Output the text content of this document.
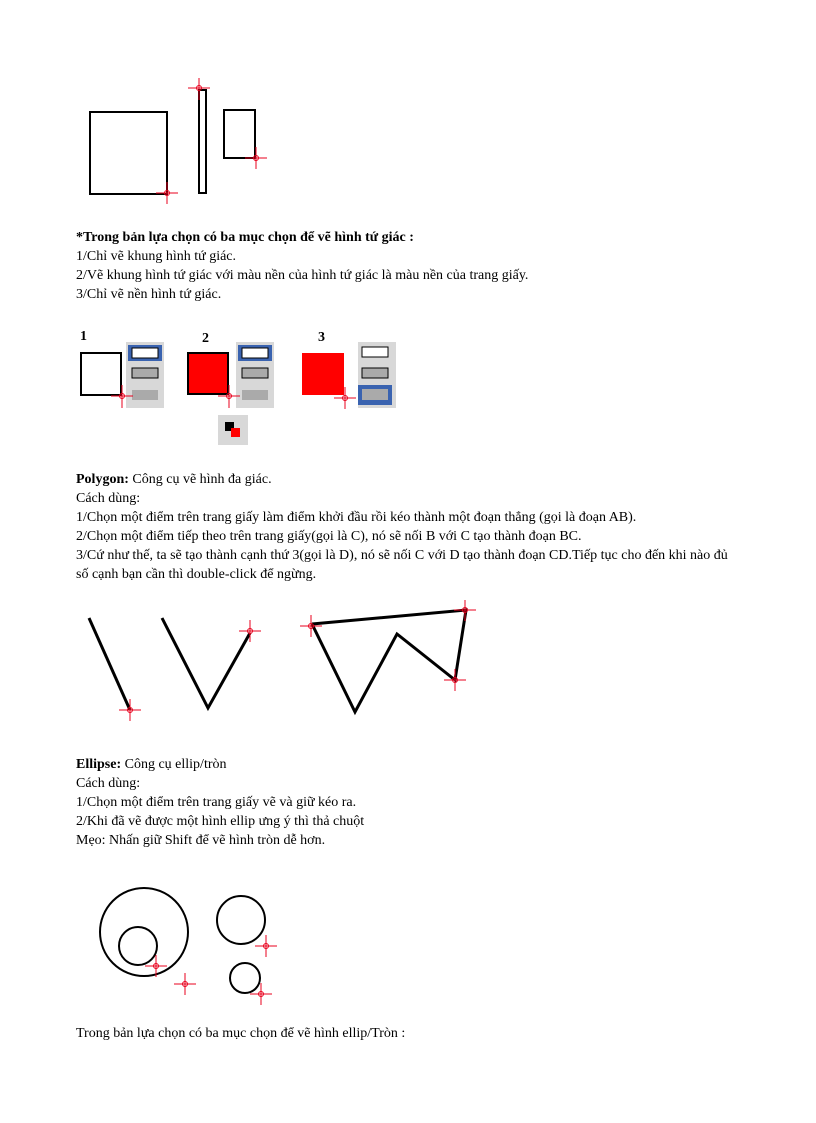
*Trong bản lựa chọn có ba mục chọn để vẽ hình tứ giác :

1/Chỉ vẽ khung hình tứ giác.

2/Vẽ khung hình tứ giác với màu nền của hình tứ giác là màu nền của trang giấy.

3/Chỉ vẽ nền hình tứ giác.

1	2	3

Polygon: Công cụ vẽ hình đa giác.

Cách dùng:

1/Chọn một điểm trên trang giấy làm điểm khởi đầu rồi kéo thành một đoạn thẳng (gọi là đoạn AB).

2/Chọn một điểm tiếp theo trên trang giấy(gọi là C), nó sẽ nối B với C tạo thành đoạn BC.

3/Cứ như thế, ta sẽ tạo thành cạnh thứ 3(gọi là D), nó sẽ nối C với D tạo thành đoạn CD.Tiếp tục cho đến khi nào đủ số cạnh bạn cần thì double-click để ngừng.

Ellipse: Công cụ ellip/tròn

Cách dùng:

1/Chọn một điểm trên trang giấy vẽ và giữ kéo ra.

2/Khi đã vẽ được một hình ellip ưng ý thì thả chuột

Mẹo: Nhấn giữ Shift để vẽ hình tròn dễ hơn.

Trong bản lựa chọn có ba mục chọn để vẽ hình ellip/Tròn :
